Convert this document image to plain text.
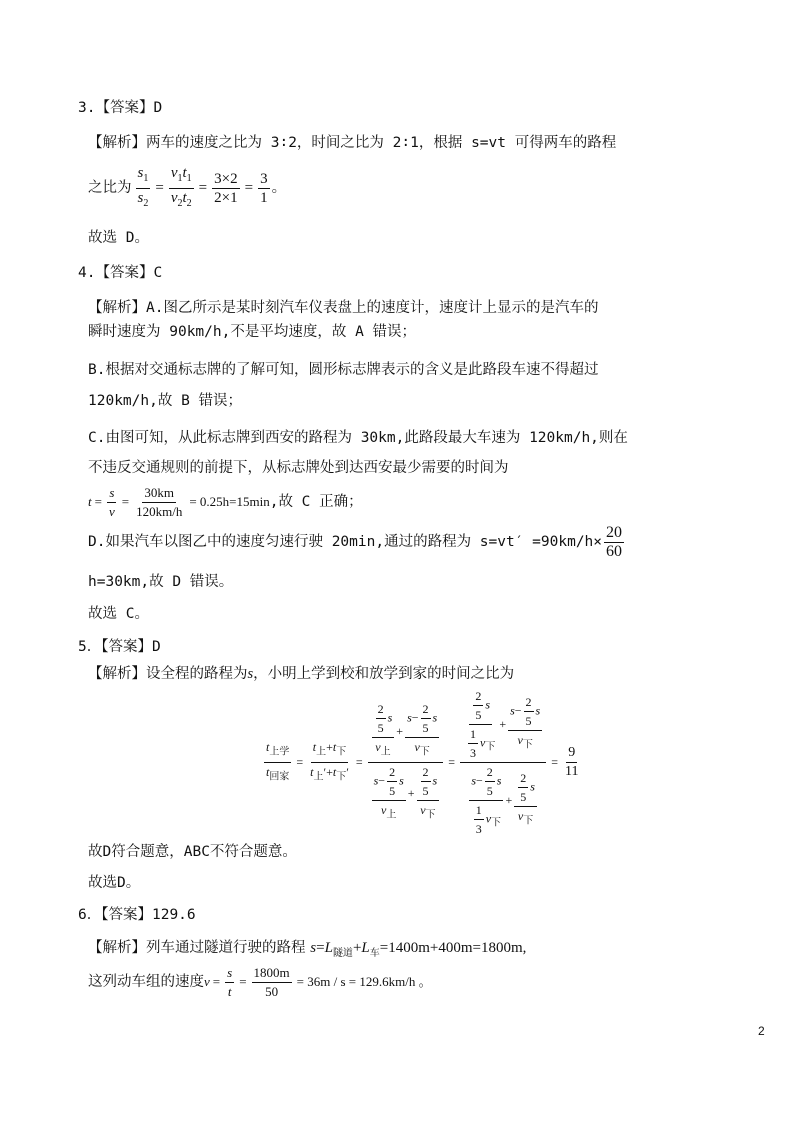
3.【答案】D
【解析】两车的速度之比为 3∶2，时间之比为 2∶1，根据 s=vt 可得两车的路程
之比为 $\frac{s_1}{s_2} = \frac{v_1t_1}{v_2t_2} = \frac{3\times 2}{2\times 1} = \frac{3}{1}$ 。
故选 D。
4.【答案】C
【解析】A.图乙所示是某时刻汽车仪表盘上的速度计，速度计上显示的是汽车的
瞬时速度为 90km/h,不是平均速度，故 A 错误；
B.根据对交通标志牌的了解可知，圆形标志牌表示的含义是此路段车速不得超过
120km/h,故 B 错误；
C.由图可知，从此标志牌到西安的路程为 30km,此路段最大车速为 120km/h,则在
不违反交通规则的前提下，从标志牌处到达西安最少需要的时间为
$t = \frac{s}{v} = \frac{30km}{120km/h} = 0.25h=15\min$ ,故 C 正确；
D.如果汽车以图乙中的速度匀速行驶 20min,通过的路程为 $s=vt' =90km/h\times \frac{20}{60}$
h=30km,故 D 错误。
故选 C。
5．【答案】D
【解析】设全程的路程为s，小明上学到校和放学到家的时间之比为
$\frac{t_{上学}}{t_{回家}} = \frac{t_上+t_下}{t_上'+t_下'} = \frac{\frac{\frac{2}{5} s}{v_上} + \frac{s- \frac{2}{5} s}{v_下}}{\frac{s- \frac{2}{5} s}{v_上} + \frac{\frac{2}{5} s}{v_下}} = \frac{\frac{\frac{2}{5} s}{\frac{1}{3} v_下} + \frac{s- \frac{2}{5} s}{v_下}}{\frac{s- \frac{2}{5} s}{\frac{1}{3} v_下} + \frac{\frac{2}{5} s}{v_下}} = \frac{9}{11}$
故D符合题意，ABC不符合题意。
故选D。
6．【答案】129.6
【解析】列车通过隧道行驶的路程 $s=L_{隧道}+L_车=1400m+400m=1800m$,
这列动车组的速度 $v = \frac{s}{t} = \frac{1800m}{50} = 36m / s = 129.6km/h$ 。
2
